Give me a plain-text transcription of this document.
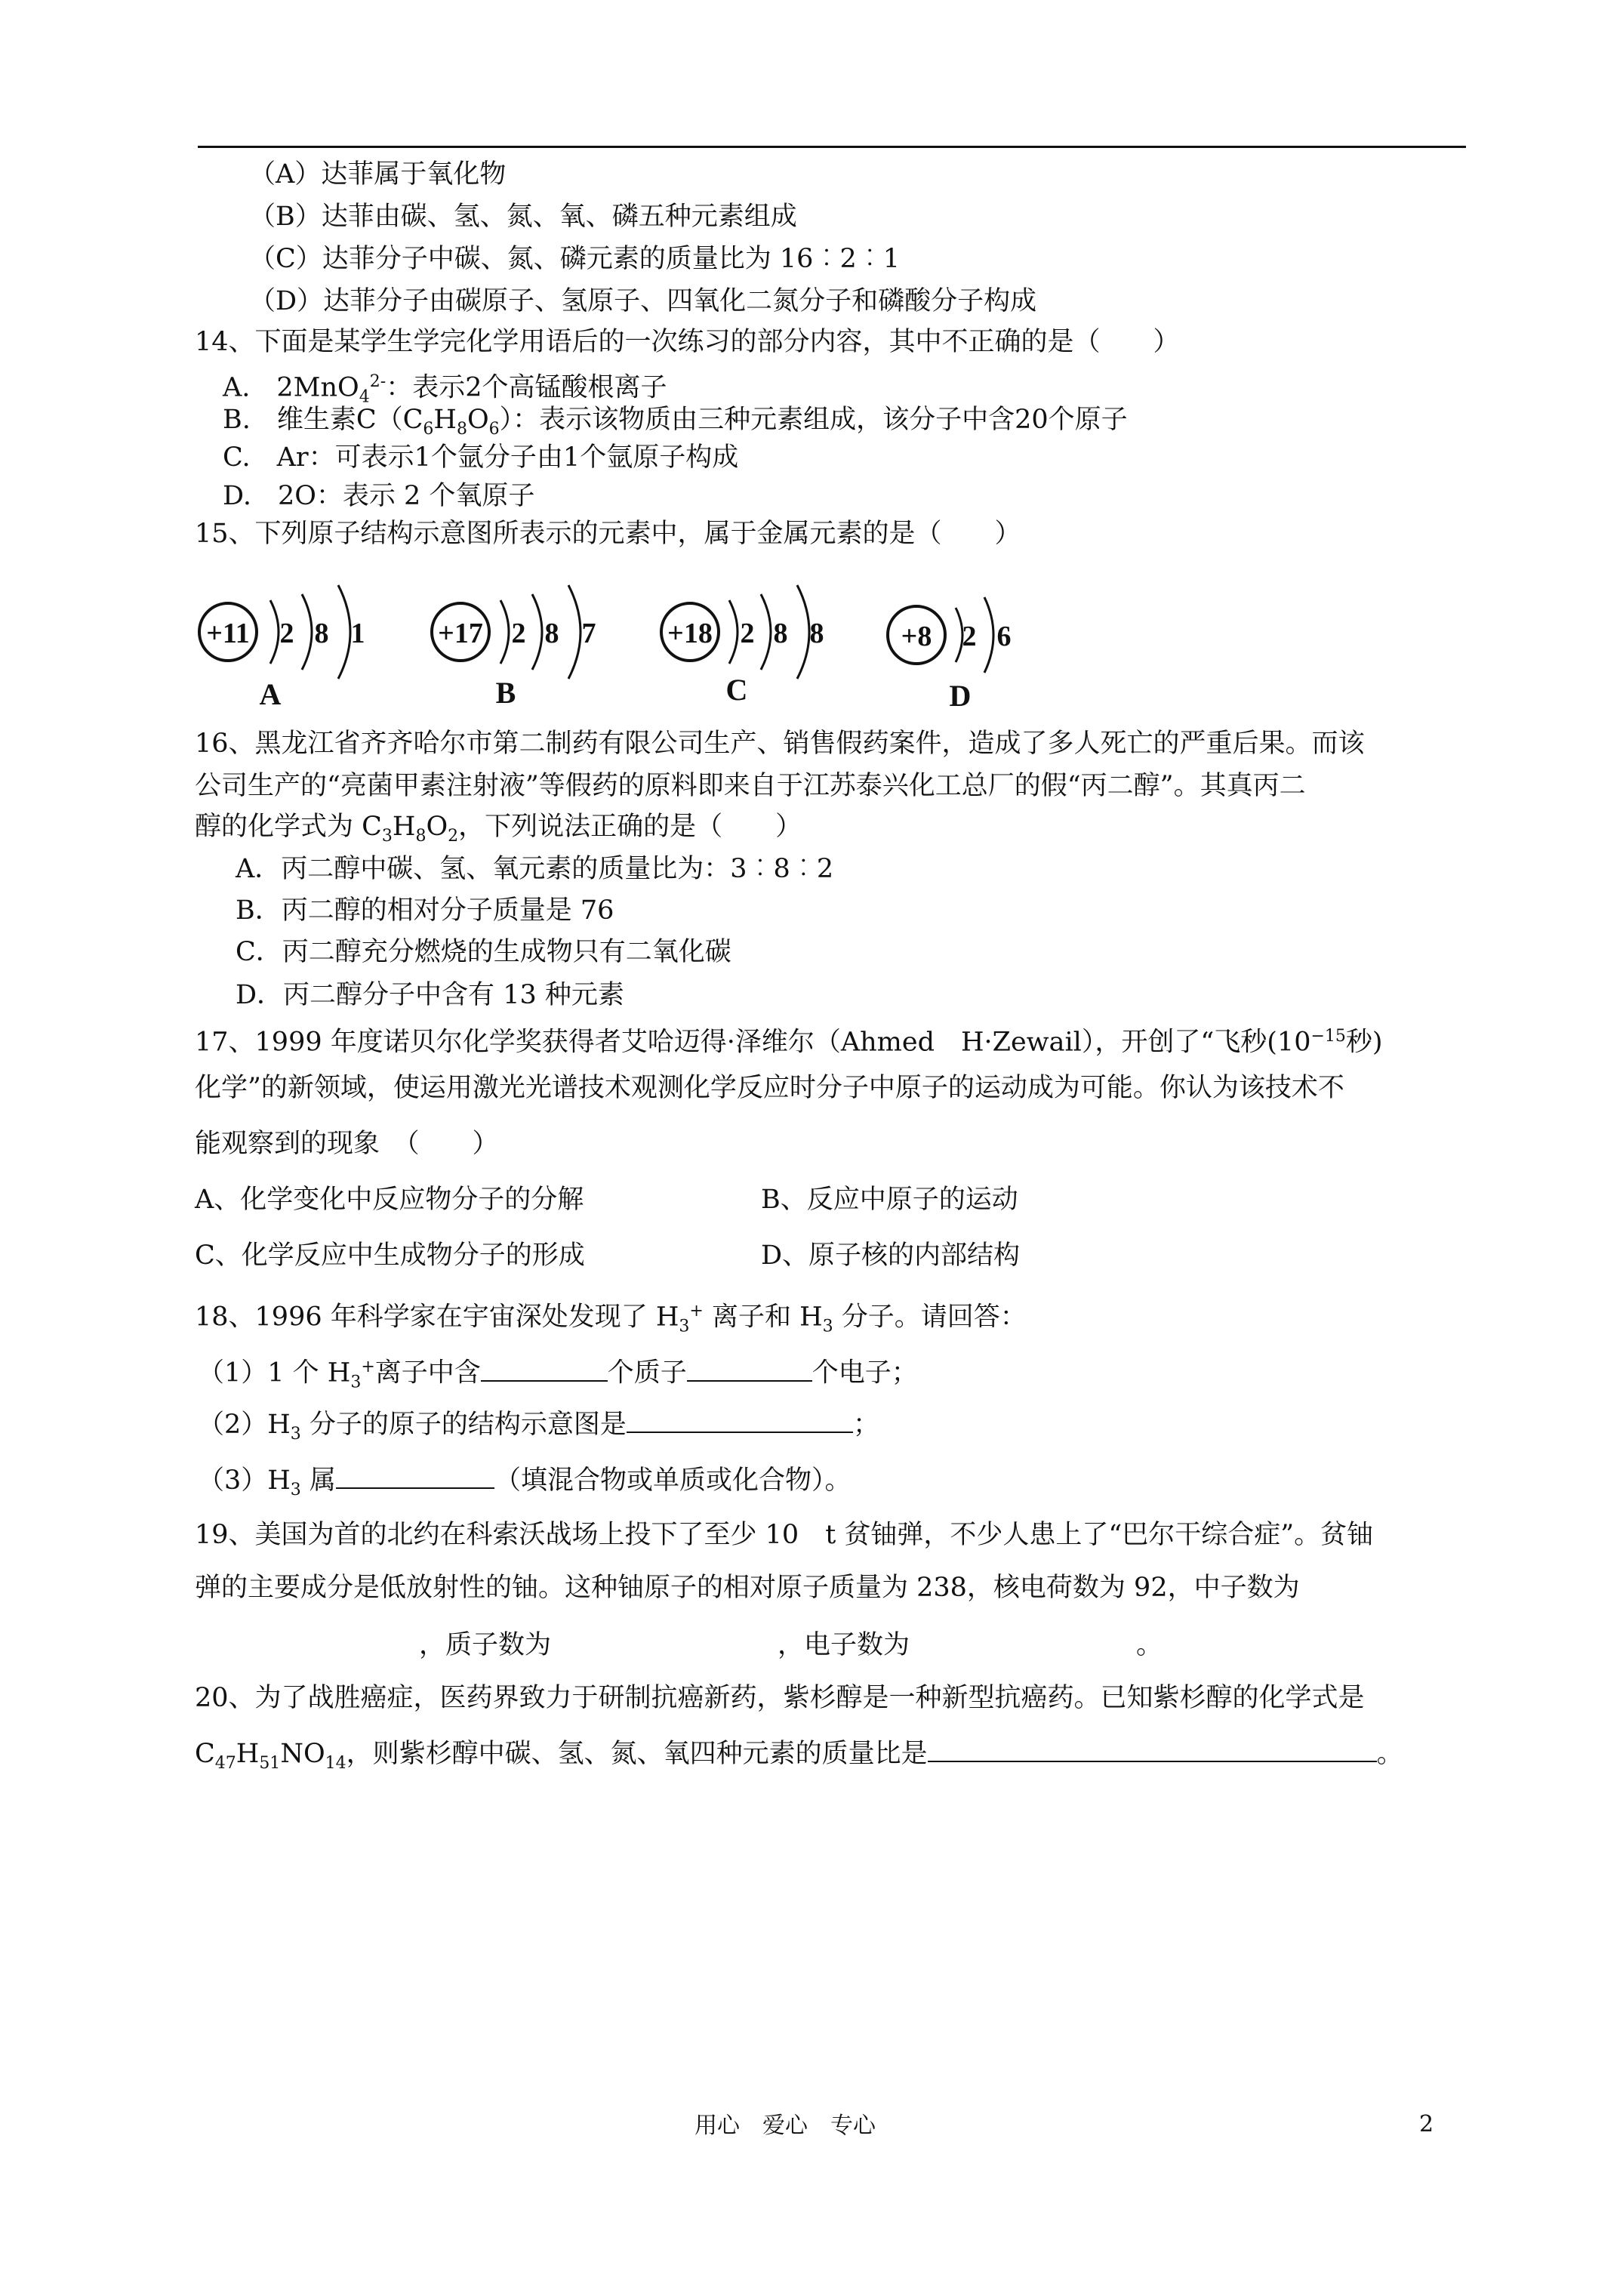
（A）达菲属于氧化物
（B）达菲由碳、氢、氮、氧、磷五种元素组成
（C）达菲分子中碳、氮、磷元素的质量比为 16︰2︰1
（D）达菲分子由碳原子、氢原子、四氧化二氮分子和磷酸分子构成
14、下面是某学生学完化学用语后的一次练习的部分内容，其中不正确的是（　　）
A.　2MnO$_4^{2-}$：表示2个高锰酸根离子
B.　维生素$C(C_6H_8O_6)$：表示该物质由三种元素组成，该分子中含20个原子
C.　Ar：可表示1个氩分子由1个氩原子构成
D.　2O：表示 2 个氧原子
15、下列原子结构示意图所表示的元素中，属于金属元素的是（　　）
+11 2 8 1
A
+17 2 8 7
B
+18 2 8 8
C
+8 2 6
D
16、黑龙江省齐齐哈尔市第二制药有限公司生产、销售假药案件，造成了多人死亡的严重后果。而该
公司生产的“亮菌甲素注射液”等假药的原料即来自于江苏泰兴化工总厂的假“丙二醇”。其真丙二
醇的化学式为 $C_3H_8O_2$，下列说法正确的是（　　）
A．丙二醇中碳、氢、氧元素的质量比为：3︰8︰2
B．丙二醇的相对分子质量是 76
C．丙二醇充分燃烧的生成物只有二氧化碳
D．丙二醇分子中含有 13 种元素
17、1999 年度诺贝尔化学奖获得者艾哈迈得·泽维尔（Ahmed　H·Zewail），开创了“飞秒($10^{-15}$秒)
化学”的新领域，使运用激光光谱技术观测化学反应时分子中原子的运动成为可能。你认为该技术不
能观察到的现象　（　　）
A、化学变化中反应物分子的分解	B、反应中原子的运动
C、化学反应中生成物分子的形成	D、原子核的内部结构
18、1996 年科学家在宇宙深处发现了 $H_3^+$ 离子和 $H_3$ 分子。请回答：
（1）1 个 $H_3^+$离子中含	个质子	个电子；
$(2)H_3$ 分子的原子的结构示意图是	；
$(3)H_3$ 属	（填混合物或单质或化合物）。
19、美国为首的北约在科索沃战场上投下了至少 10　t 贫铀弹，不少人患上了“巴尔干综合症”。贫铀
弹的主要成分是低放射性的铀。这种铀原子的相对原子质量为 238，核电荷数为 92，中子数为
，质子数为	，电子数为	。
20、为了战胜癌症，医药界致力于研制抗癌新药，紫杉醇是一种新型抗癌药。已知紫杉醇的化学式是
$C_{47}H_{51}NO_{14}$，则紫杉醇中碳、氢、氮、氧四种元素的质量比是	。
用心　爱心　专心	2
